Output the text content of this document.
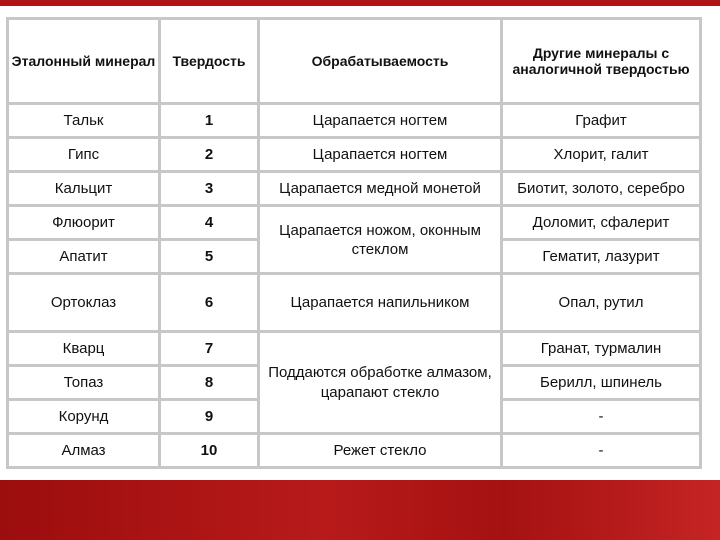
Эталонный минерал	Твердость	Обрабатываемость	Другие минералы с аналогичной твердостью
Тальк	1	Царапается ногтем	Графит
Гипс	2	Царапается ногтем	Хлорит, галит
Кальцит	3	Царапается медной монетой	Биотит, золото, серебро
Флюорит	4	Царапается ножом, оконным стеклом	Доломит, сфалерит
Апатит	5		Гематит, лазурит
Ортоклаз	6	Царапается напильником	Опал, рутил
Кварц	7	Поддаются обработке алмазом, царапают стекло	Гранат, турмалин
Топаз	8		Берилл, шпинель
Корунд	9		-
Алмаз	10	Режет стекло	-
